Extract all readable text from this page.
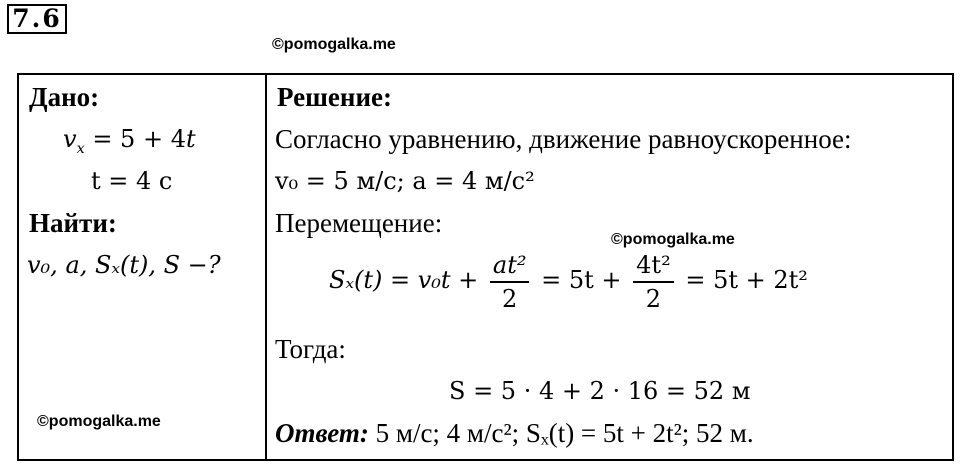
7.6
©pomogalka.me
Дано:
$v_x = 5 + 4t$
t = 4 с
Найти:
v₀, a, Sₓ(t), S −?
©pomogalka.me
Решение:
Согласно уравнению, движение равноускоренное:
v₀ = 5 м/с; a = 4 м/с²
Перемещение:
©pomogalka.me
$S_x(t) = v_0t + \frac{\text{at²}}{2} = 5t + \frac{\text{4t²}}{2} = 5t + 2t^2$
Тогда:
S = 5 · 4 + 2 · 16 = 52 м
Ответ: 5 м/с; 4 м/с²; Sₓ(t) = 5t + 2t²; 52 м.
